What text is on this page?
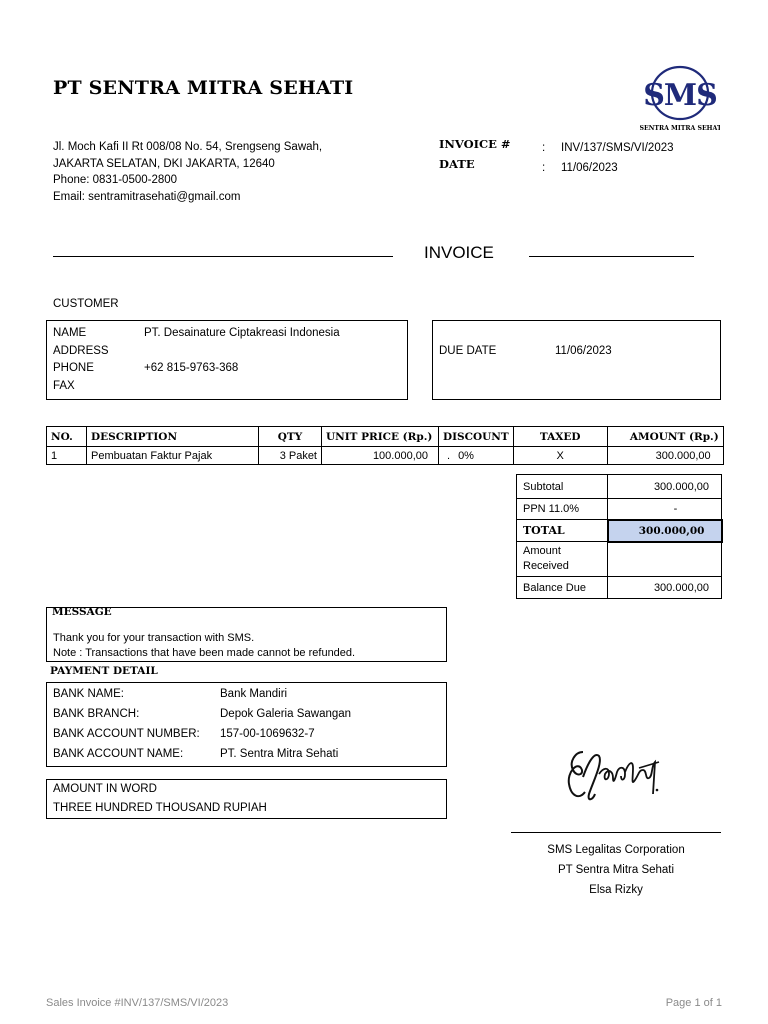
PT SENTRA MITRA SEHATI	SMS
SENTRA MITRA SEHATI
Jl. Moch Kafi II Rt 008/08 No. 54, Srengseng Sawah,
JAKARTA SELATAN, DKI JAKARTA, 12640
Phone: 0831-0500-2800
Email: sentramitrasehati@gmail.com
INVOICE #	: INV/137/SMS/VI/2023
DATE	: 11/06/2023
INVOICE
CUSTOMER
NAME	PT. Desainature Ciptakreasi Indonesia
ADDRESS
PHONE	+62 815-9763-368
FAX
DUE DATE	11/06/2023
NO.	DESCRIPTION	QTY	UNIT PRICE (Rp.)	DISCOUNT	TAXED	AMOUNT (Rp.)
1	Pembuatan Faktur Pajak	3 Paket	100.000,00	. 0%	X	300.000,00
Subtotal	300.000,00
PPN 11.0%	-
TOTAL	300.000,00
Amount
Received	
Balance Due	300.000,00
MESSAGE
Thank you for your transaction with SMS.
Note : Transactions that have been made cannot be refunded.
PAYMENT DETAIL
BANK NAME:	Bank Mandiri
BANK BRANCH:	Depok Galeria Sawangan
BANK ACCOUNT NUMBER: 157-00-1069632-7
BANK ACCOUNT NAME:	PT. Sentra Mitra Sehati
AMOUNT IN WORD
THREE HUNDRED THOUSAND RUPIAH
SMS Legalitas Corporation
PT Sentra Mitra Sehati
Elsa Rizky
Sales Invoice #INV/137/SMS/VI/2023	Page 1 of 1
